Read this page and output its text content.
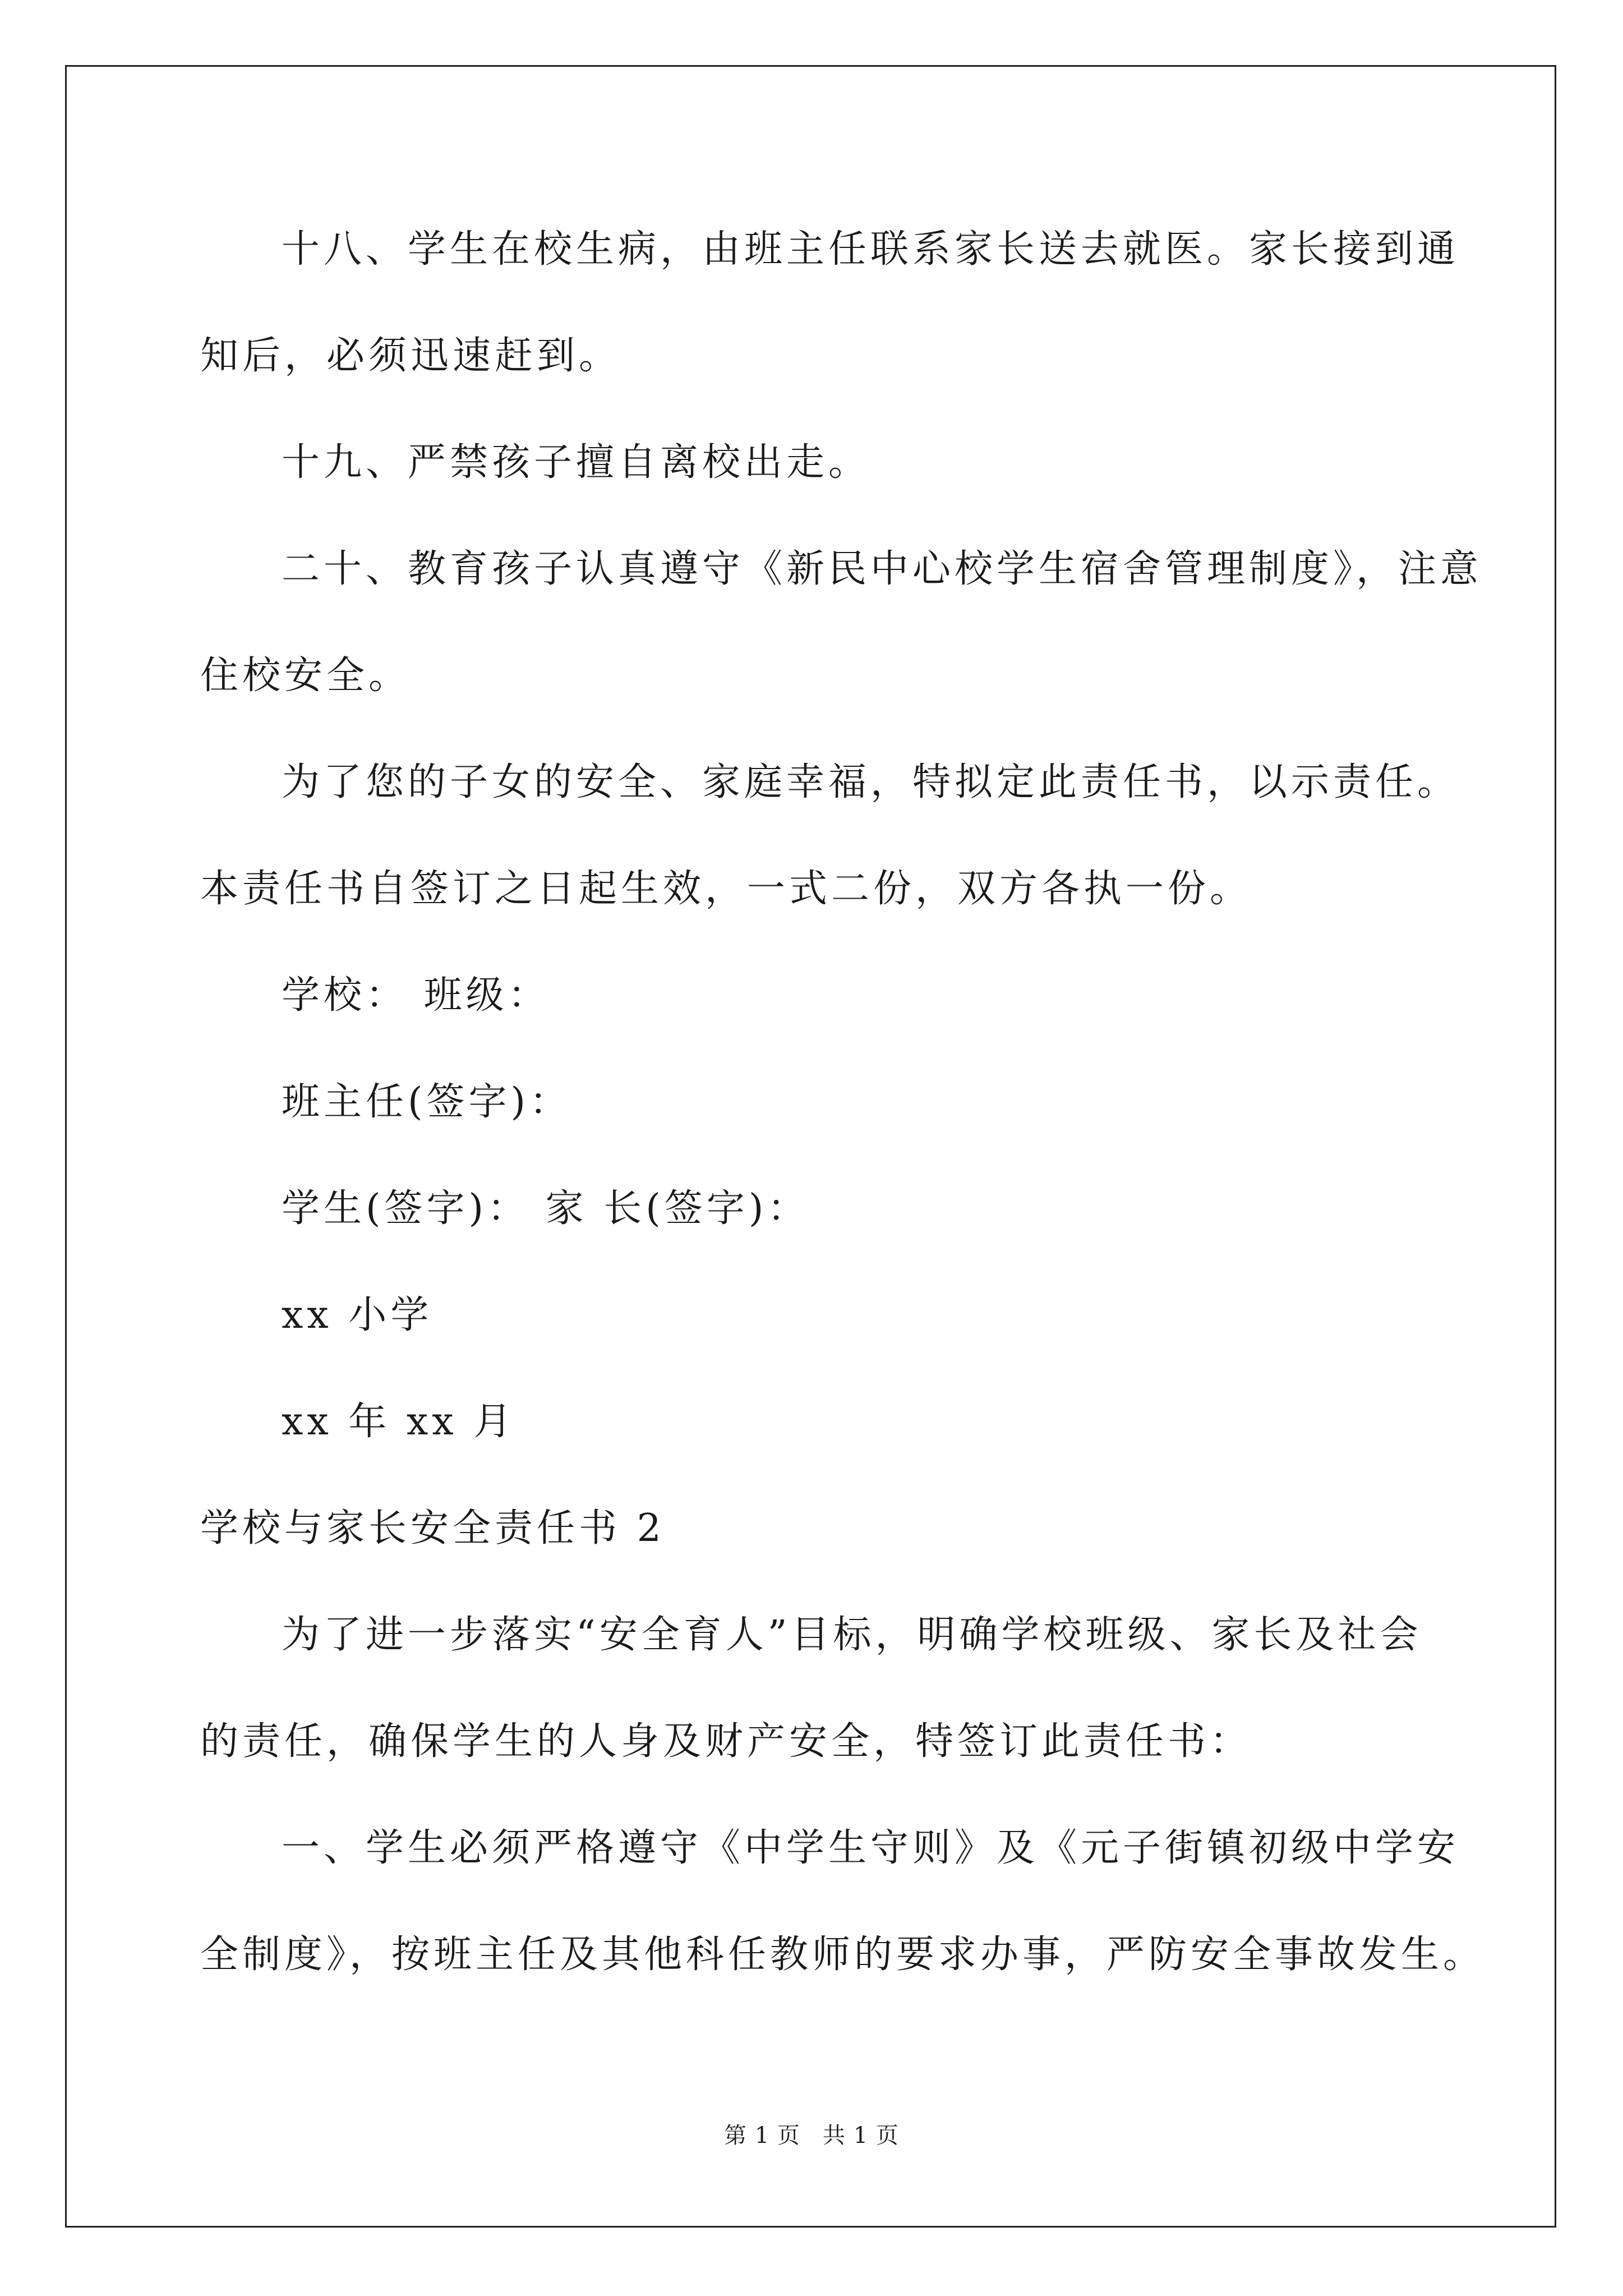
十八、学生在校生病，由班主任联系家长送去就医。家长接到通
知后，必须迅速赶到。
十九、严禁孩子擅自离校出走。
二十、教育孩子认真遵守《新民中心校学生宿舍管理制度》，注意
住校安全。
为了您的子女的安全、家庭幸福，特拟定此责任书，以示责任。
本责任书自签订之日起生效，一式二份，双方各执一份。
学校： 班级：
班主任(签字)：
学生(签字)： 家 长(签字)：
xx 小学
xx 年 xx 月
学校与家长安全责任书 2
为了进一步落实“安全育人”目标，明确学校班级、家长及社会
的责任，确保学生的人身及财产安全，特签订此责任书：
一、学生必须严格遵守《中学生守则》及《元子街镇初级中学安
全制度》，按班主任及其他科任教师的要求办事，严防安全事故发生。
第 1 页 共 1 页
